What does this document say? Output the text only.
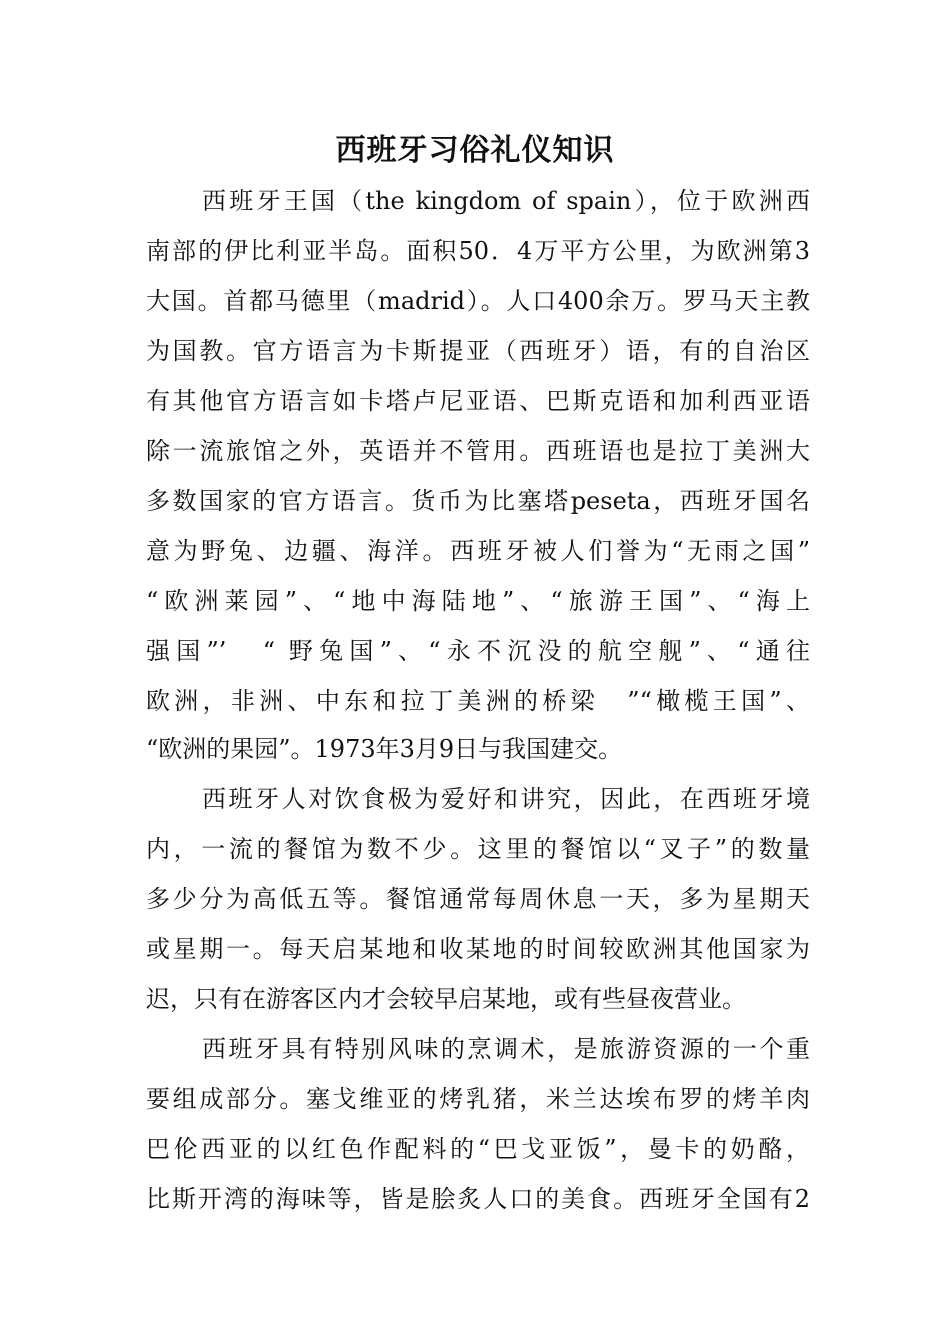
西班牙习俗礼仪知识
西班牙王国（the kingdom of spain），位于欧洲西
南部的伊比利亚半岛。面积50．4万平方公里，为欧洲第3
大国。首都马德里（madrid）。人口400余万。罗马天主教
为国教。官方语言为卡斯提亚（西班牙）语，有的自治区
有其他官方语言如卡塔卢尼亚语、巴斯克语和加利西亚语
除一流旅馆之外，英语并不管用。西班语也是拉丁美洲大
多数国家的官方语言。货币为比塞塔peseta，西班牙国名
意为野兔、边疆、海洋。西班牙被人们誉为“无雨之国”
“欧洲莱园”、“地中海陆地”、“旅游王国”、“海上
强国”’　“ 野兔国”、“永不沉没的航空舰”、“通往
欧洲，非洲、中东和拉丁美洲的桥梁　”“橄榄王国”、
“欧洲的果园”。1973年3月9日与我国建交。
西班牙人对饮食极为爱好和讲究，因此，在西班牙境
内，一流的餐馆为数不少。这里的餐馆以“叉子”的数量
多少分为高低五等。餐馆通常每周休息一天，多为星期天
或星期一。每天启某地和收某地的时间较欧洲其他国家为
迟，只有在游客区内才会较早启某地，或有些昼夜营业。
西班牙具有特别风味的烹调术，是旅游资源的一个重
要组成部分。塞戈维亚的烤乳猪，米兰达埃布罗的烤羊肉
巴伦西亚的以红色作配料的“巴戈亚饭”，曼卡的奶酪，
比斯开湾的海味等，皆是脍炙人口的美食。西班牙全国有2
